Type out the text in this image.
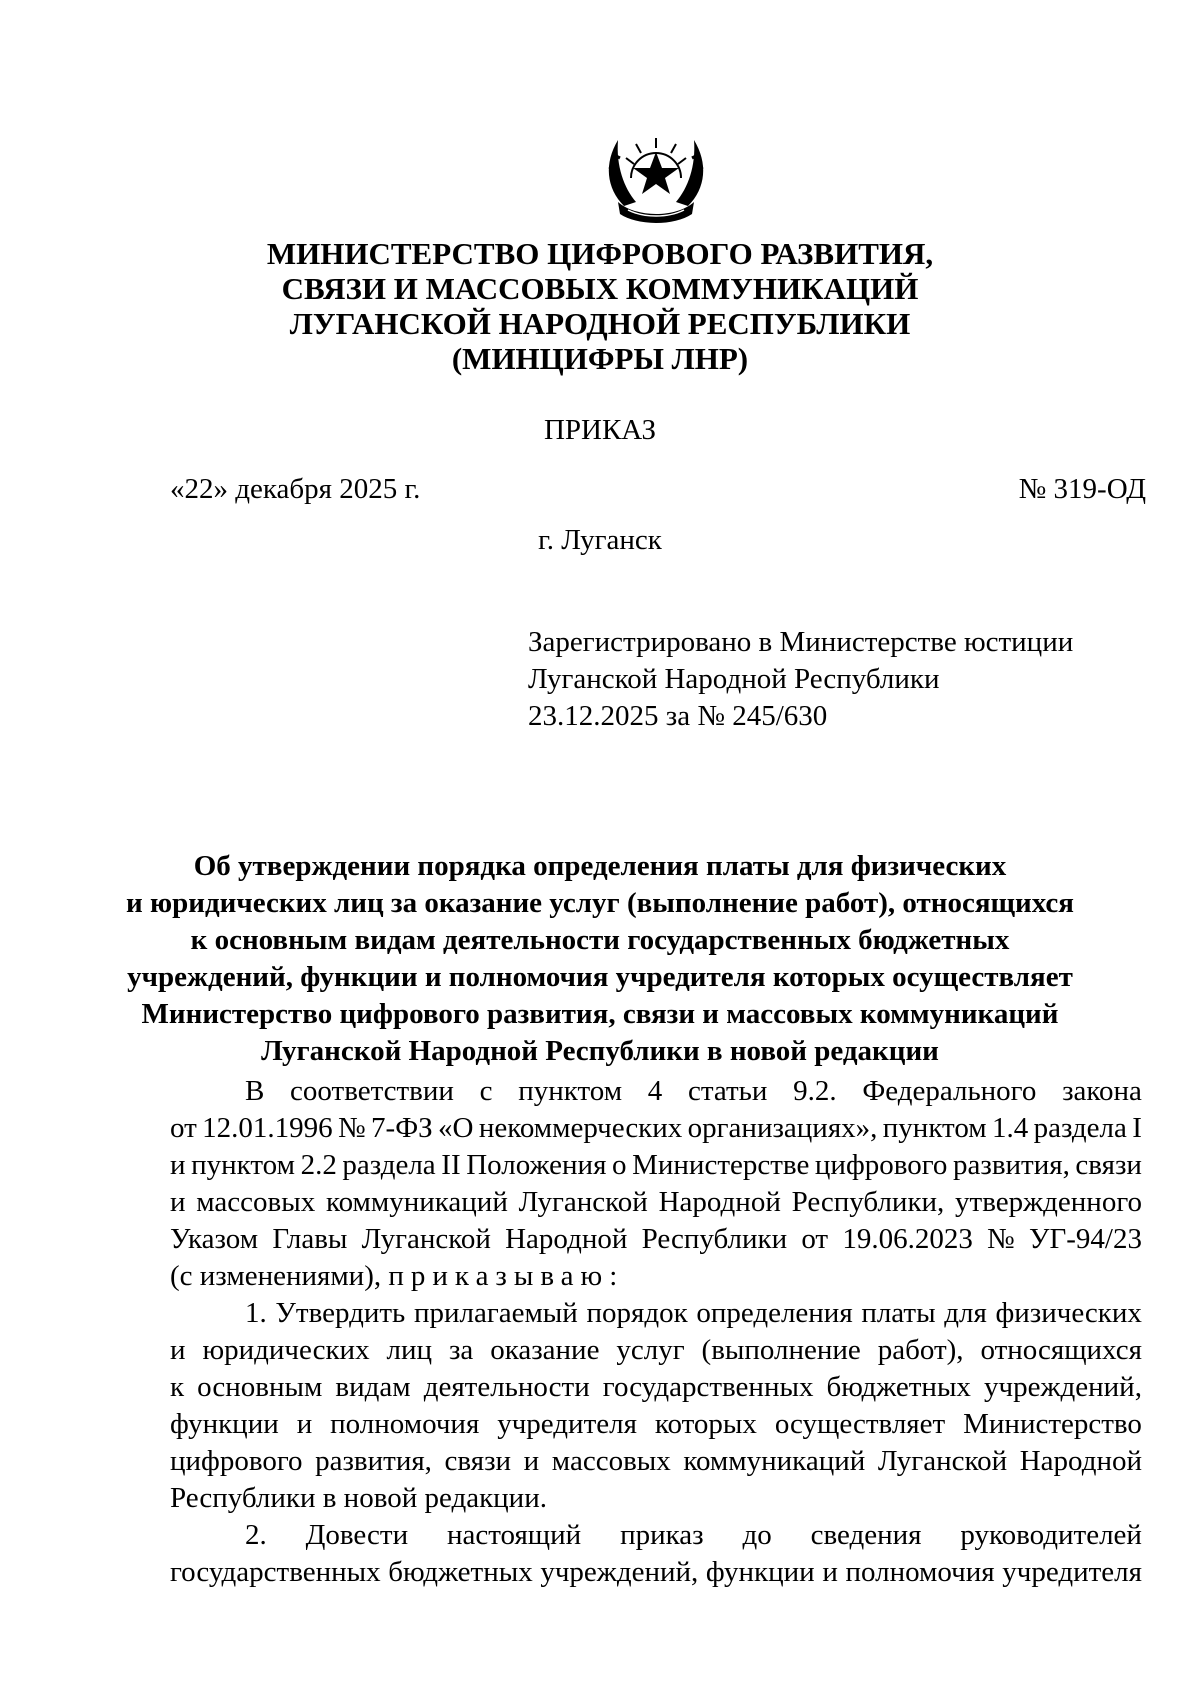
МИНИСТЕРСТВО ЦИФРОВОГО РАЗВИТИЯ,
СВЯЗИ И МАССОВЫХ КОММУНИКАЦИЙ
ЛУГАНСКОЙ НАРОДНОЙ РЕСПУБЛИКИ
(МИНЦИФРЫ ЛНР)
ПРИКАЗ
«22» декабря 2025 г.	№ 319-ОД
г. Луганск
Зарегистрировано в Министерстве юстиции
Луганской Народной Республики
23.12.2025 за № 245/630
Об утверждении порядка определения платы для физических
и юридических лиц за оказание услуг (выполнение работ), относящихся
к основным видам деятельности государственных бюджетных
учреждений, функции и полномочия учредителя которых осуществляет
Министерство цифрового развития, связи и массовых коммуникаций
Луганской Народной Республики в новой редакции
В соответствии с пунктом 4 статьи 9.2. Федерального закона
от 12.01.1996 № 7-ФЗ «О некоммерческих организациях», пунктом 1.4 раздела I
и пунктом 2.2 раздела II Положения о Министерстве цифрового развития, связи
и массовых коммуникаций Луганской Народной Республики, утвержденного
Указом Главы Луганской Народной Республики от 19.06.2023 № УГ-94/23
(с изменениями), приказываю:
1. Утвердить прилагаемый порядок определения платы для физических
и юридических лиц за оказание услуг (выполнение работ), относящихся
к основным видам деятельности государственных бюджетных учреждений,
функции и полномочия учредителя которых осуществляет Министерство
цифрового развития, связи и массовых коммуникаций Луганской Народной
Республики в новой редакции.
2. Довести настоящий приказ до сведения руководителей
государственных бюджетных учреждений, функции и полномочия учредителя
